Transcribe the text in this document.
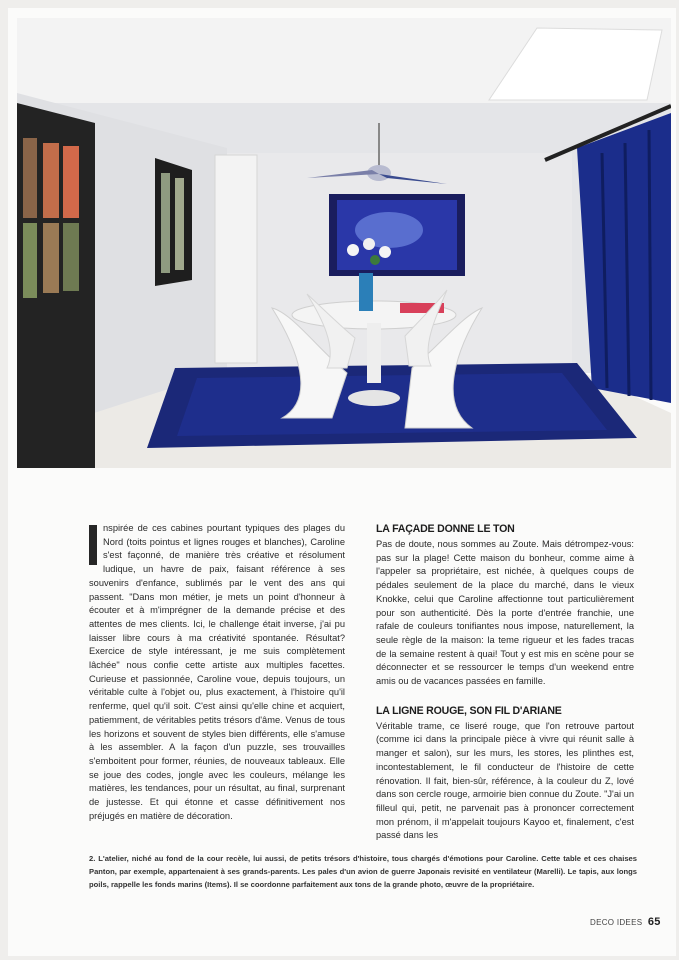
nspirée de ces cabines pourtant typiques des plages du Nord (toits pointus et lignes rouges et blanches), Caroline s'est façonné, de manière très créative et résolument ludique, un havre de paix, faisant référence à ses souvenirs d'enfance, sublimés par le vent des ans qui passent. "Dans mon métier, je mets un point d'honneur à écouter et à m'imprégner de la demande précise et des attentes de mes clients. Ici, le challenge était inverse, j'ai pu laisser libre cours à ma créativité spontanée. Résultat? Exercice de style intéressant, je me suis complètement lâchée" nous confie cette artiste aux multiples facettes. Curieuse et passionnée, Caroline voue, depuis toujours, un véritable culte à l'objet ou, plus exactement, à l'histoire qu'il renferme, quel qu'il soit. C'est ainsi qu'elle chine et acquiert, patiemment, de véritables petits trésors d'âme. Venus de tous les horizons et souvent de styles bien différents, elle s'amuse à les assembler. A la façon d'un puzzle, ses trouvailles s'emboitent pour former, réunies, de nouveaux tableaux. Elle se joue des codes, jongle avec les couleurs, mélange les matières, les tendances, pour un résultat, au final, surprenant de justesse. Et qui étonne et casse définitivement nos préjugés en matière de décoration.

LA FAÇADE DONNE LE TON

Pas de doute, nous sommes au Zoute. Mais détrompez-vous: pas sur la plage! Cette maison du bonheur, comme aime à l'appeler sa propriétaire, est nichée, à quelques coups de pédales seulement de la place du marché, dans le vieux Knokke, celui que Caroline affectionne tout particulièrement pour son authenticité. Dès la porte d'entrée franchie, une rafale de couleurs tonifiantes nous impose, naturellement, la seule règle de la maison: la teme rigueur et les fades tracas de la semaine restent à quai! Tout y est mis en scène pour se déconnecter et se ressourcer le temps d'un weekend entre amis ou de vacances passées en famille.

LA LIGNE ROUGE, SON FIL D'ARIANE

Véritable trame, ce liseré rouge, que l'on retrouve partout (comme ici dans la principale pièce à vivre qui réunit salle à manger et salon), sur les murs, les stores, les plinthes est, incontestablement, le fil conducteur de l'histoire de cette rénovation. Il fait, bien-sûr, référence, à la couleur du Z, lové dans son cercle rouge, armoirie bien connue du Zoute. "J'ai un filleul qui, petit, ne parvenait pas à prononcer correctement mon prénom, il m'appelait toujours Kayoo et, finalement, c'est passé dans les

2. L'atelier, niché au fond de la cour recèle, lui aussi, de petits trésors d'histoire, tous chargés d'émotions pour Caroline. Cette table et ces chaises Panton, par exemple, appartenaient à ses grands-parents. Les pales d'un avion de guerre Japonais revisité en ventilateur (Marelli). Le tapis, aux longs poils, rappelle les fonds marins (Items). Il se coordonne parfaitement aux tons de la grande photo, œuvre de la propriétaire.
DECO IDEES 65
